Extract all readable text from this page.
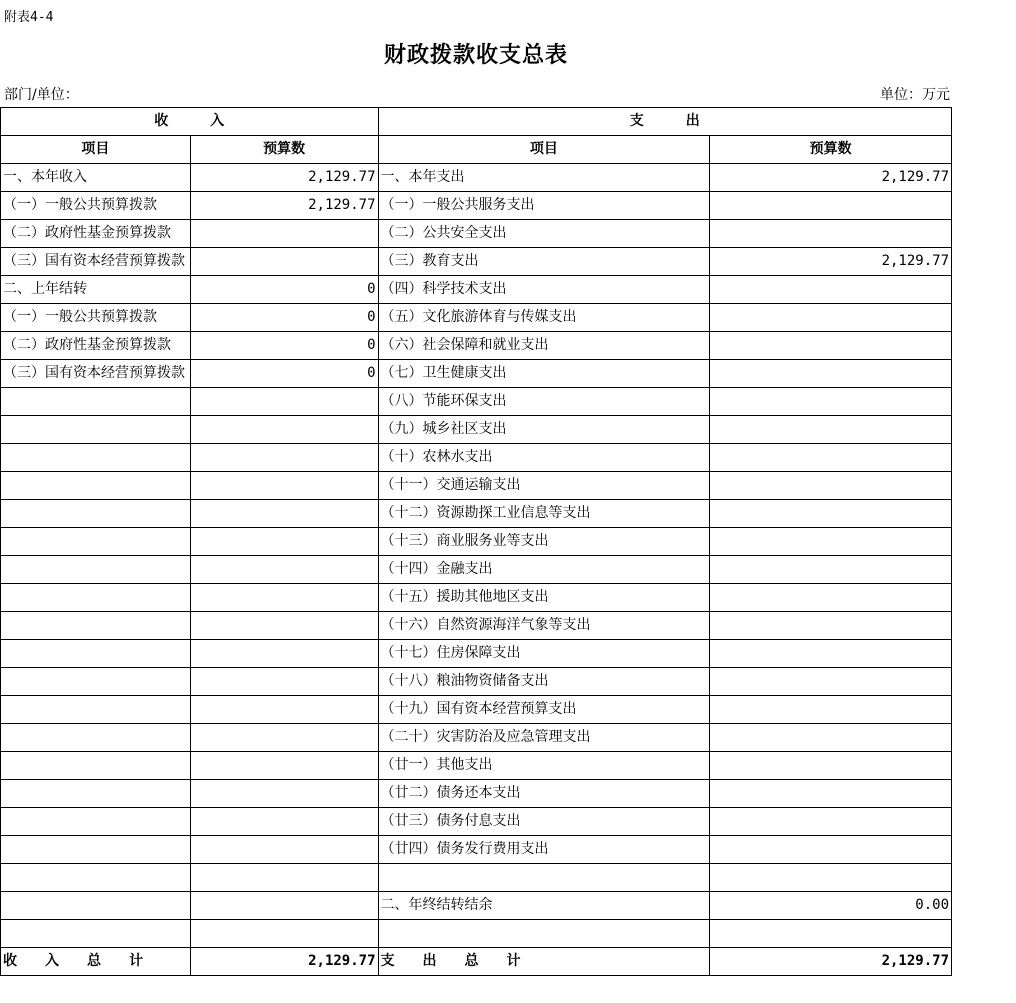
附表4-4
财政拨款收支总表
部门/单位：	单位：万元
收　　　入		支　　　出	
项目	预算数	项目	预算数
一、本年收入	2,129.77	一、本年支出	2,129.77
（一）一般公共预算拨款	2,129.77	（一）一般公共服务支出	
（二）政府性基金预算拨款		（二）公共安全支出	
（三）国有资本经营预算拨款		（三）教育支出	2,129.77
二、上年结转	0	（四）科学技术支出	
（一）一般公共预算拨款	0	（五）文化旅游体育与传媒支出	
（二）政府性基金预算拨款	0	（六）社会保障和就业支出	
（三）国有资本经营预算拨款	0	（七）卫生健康支出	
		（八）节能环保支出	
		（九）城乡社区支出	
		（十）农林水支出	
		（十一）交通运输支出	
		（十二）资源勘探工业信息等支出	
		（十三）商业服务业等支出	
		（十四）金融支出	
		（十五）援助其他地区支出	
		（十六）自然资源海洋气象等支出	
		（十七）住房保障支出	
		（十八）粮油物资储备支出	
		（十九）国有资本经营预算支出	
		（二十）灾害防治及应急管理支出	
		（廿一）其他支出	
		（廿二）债务还本支出	
		（廿三）债务付息支出	
		（廿四）债务发行费用支出	

		二、年终结转结余	0.00

收　　入　　总　　计	2,129.77	支　　出　　总　　计	2,129.77
